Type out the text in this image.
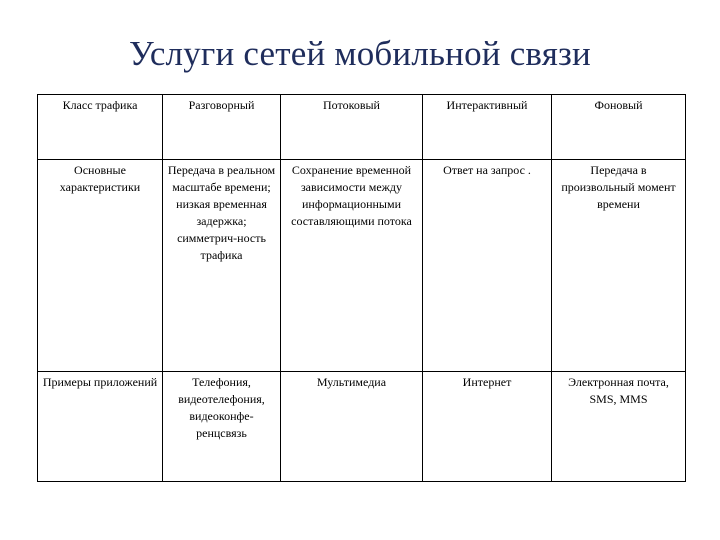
Услуги сетей мобильной связи
Класс трафика	Разговорный	Потоковый	Интерактивный	Фоновый
Основные характеристики	Передача в реальном масштабе времени; низкая временная задержка; симметрич-ность трафика	Сохранение временной зависимости между информационными составляющими потока	Ответ на запрос .	Передача в произвольный момент времени
Примеры приложений	Телефония, видеотелефония, видеоконфе-ренцсвязь	Мультимедиа	Интернет	Электронная почта, SMS, MMS
